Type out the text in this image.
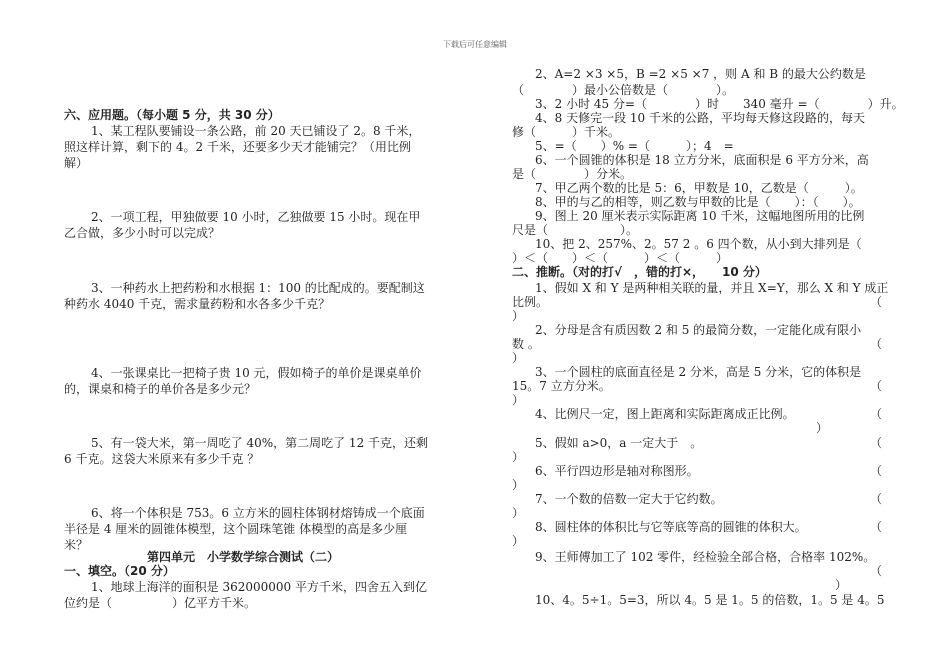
下载后可任意编辑
六、应用题。（每小题 5 分，共 30 分）
1、某工程队要铺设一条公路，前 20 天已铺设了 2。8 千米，
照这样计算，剩下的 4。2 千米，还要多少天才能铺完？（用比例
解）
2、一项工程，甲独做要 10 小时，乙独做要 15 小时。现在甲
乙合做，多少小时可以完成？
3、一种药水上把药粉和水根据 1：100 的比配成的。要配制这
种药水 4040 千克，需求量药粉和水各多少千克？
4、一张课桌比一把椅子贵 10 元，假如椅子的单价是课桌单价
的，课桌和椅子的单价各是多少元？
5、有一袋大米，第一周吃了 40%，第二周吃了 12 千克，还剩
6 千克。这袋大米原来有多少千克 ？
6、将一个体积是 753。6 立方米的圆柱体钢材熔铸成一个底面
半径是 4 厘米的圆锥体模型，这个圆珠笔锥 体模型的高是多少厘
米？
第四单元　小学数学综合测试（二）
一、填空。（20 分）
1、地球上海洋的面积是 362000000 平方千米，四舍五入到亿
位约是（　　　　　）亿平方千米。
2、A=2 ×3 ×5，B =2 ×5 ×7 ，则 A 和 B 的最大公约数是
（　　　　）最小公倍数是（　　　　）。
3、2 小时 45 分=（　　　　）时　　340 毫升 =（　　　　）升。
4、8 天修完一段 10 千米的公路，平均每天修这段路的，每天
修（　　　）千米。
5、=（　　）% =（　　　）；4　=
6、一个圆锥的体积是 18 立方分米，底面积是 6 平方分米，高
是（　　　　）分米。
7、甲乙两个数的比是 5：6，甲数是 10，乙数是（　　　）。
8、甲的与乙的相等，则乙数与甲数的比是（　　）：（　　）。
9、图上 20 厘米表示实际距离 10 千米，这幅地图所用的比例
尺是（　　　　　　）。
10、把 2、257%、2。57 2 。6 四个数，从小到大排列是（
）＜（　　）＜（　　　）＜（　　　）
二、推断。（对的打√　，错的打×，　　10 分）
1、假如 X 和 Y 是两种相关联的量，并且 X=Y，那么 X 和 Y 成正
比例。	（
）
2、分母是含有质因数 2 和 5 的最简分数，一定能化成有限小
数 。	（
）
3、一个圆柱的底面直径是 2 分米，高是 5 分米，它的体积是
15。7 立方分米。	（
）
4、比例尺一定，图上距离和实际距离成正比例。	（
）
5、假如 a>0，a 一定大于　。	（
）
6、平行四边形是轴对称图形。	（
）
7、一个数的倍数一定大于它约数。	（
）
8、圆柱体的体积比与它等底等高的圆锥的体积大。	（
）
9、王师傅加工了 102 零件，经检验全部合格，合格率 102%。
（
）
10、4。5÷1。5=3，所以 4。5 是 1。5 的倍数，1。5 是 4。5
